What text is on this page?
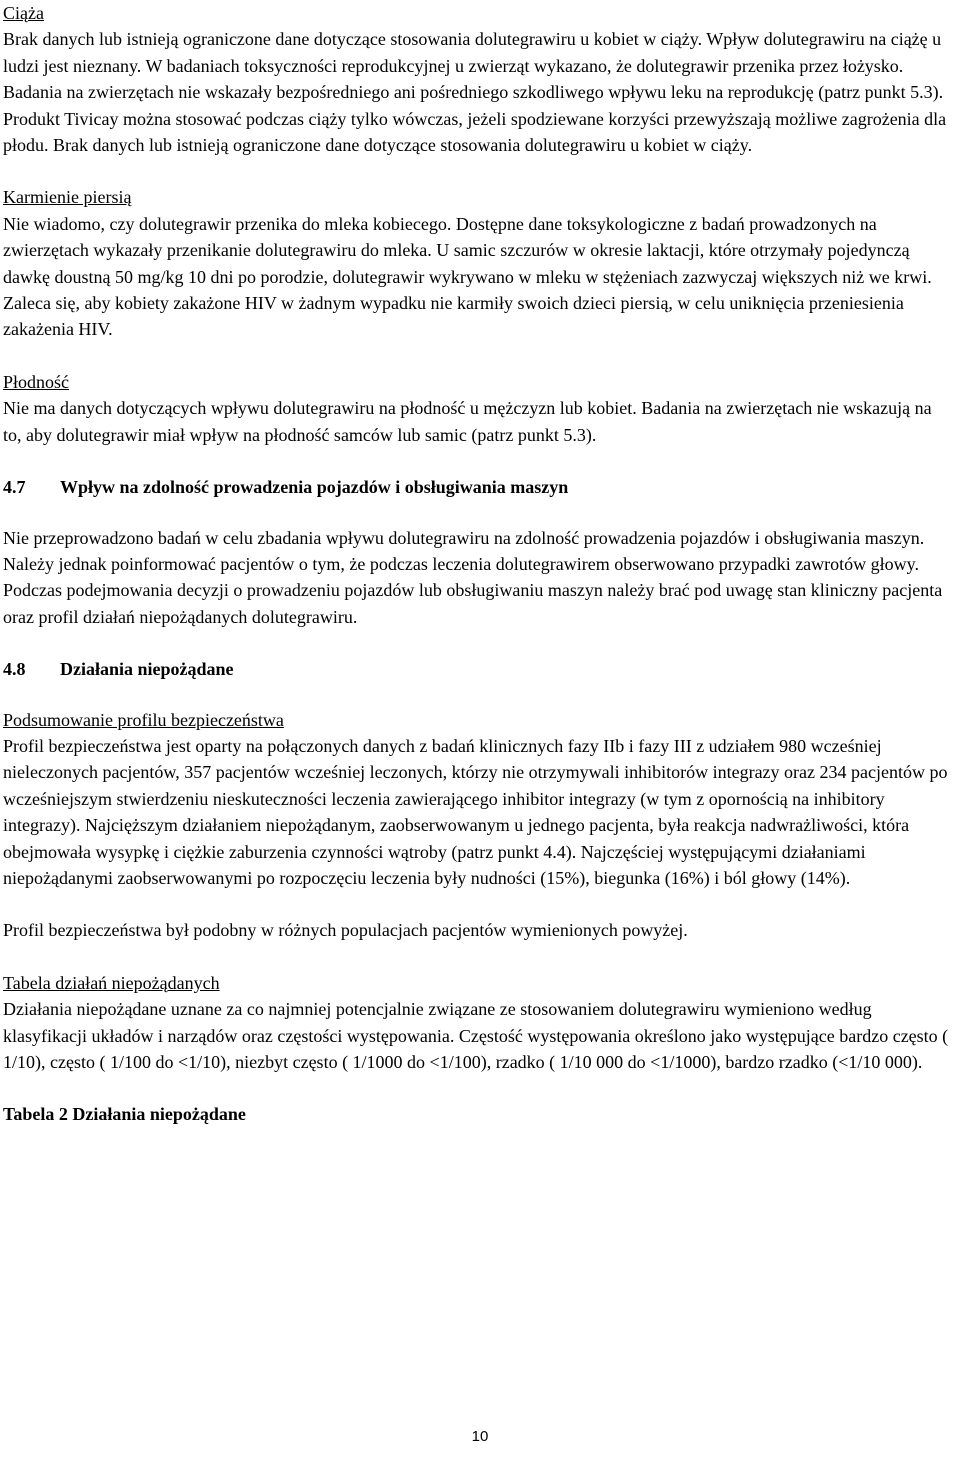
Ciąża

Brak danych lub istnieją ograniczone dane dotyczące stosowania dolutegrawiru u kobiet w ciąży. Wpływ dolutegrawiru na ciążę u ludzi jest nieznany. W badaniach toksyczności reprodukcyjnej u zwierząt wykazano, że dolutegrawir przenika przez łożysko. Badania na zwierzętach nie wskazały bezpośredniego ani pośredniego szkodliwego wpływu leku na reprodukcję (patrz punkt 5.3). Produkt Tivicay można stosować podczas ciąży tylko wówczas, jeżeli spodziewane korzyści przewyższają możliwe zagrożenia dla płodu. Brak danych lub istnieją ograniczone dane dotyczące stosowania dolutegrawiru u kobiet w ciąży.

Karmienie piersią

Nie wiadomo, czy dolutegrawir przenika do mleka kobiecego. Dostępne dane toksykologiczne z badań prowadzonych na zwierzętach wykazały przenikanie dolutegrawiru do mleka. U samic szczurów w okresie laktacji, które otrzymały pojedynczą dawkę doustną 50 mg/kg 10 dni po porodzie, dolutegrawir wykrywano w mleku w stężeniach zazwyczaj większych niż we krwi. Zaleca się, aby kobiety zakażone HIV w żadnym wypadku nie karmiły swoich dzieci piersią, w celu uniknięcia przeniesienia zakażenia HIV.

Płodność

Nie ma danych dotyczących wpływu dolutegrawiru na płodność u mężczyzn lub kobiet. Badania na zwierzętach nie wskazują na to, aby dolutegrawir miał wpływ na płodność samców lub samic (patrz punkt 5.3).

4.7	Wpływ na zdolność prowadzenia pojazdów i obsługiwania maszyn

Nie przeprowadzono badań w celu zbadania wpływu dolutegrawiru na zdolność prowadzenia pojazdów i obsługiwania maszyn. Należy jednak poinformować pacjentów o tym, że podczas leczenia dolutegrawirem obserwowano przypadki zawrotów głowy. Podczas podejmowania decyzji o prowadzeniu pojazdów lub obsługiwaniu maszyn należy brać pod uwagę stan kliniczny pacjenta oraz profil działań niepożądanych dolutegrawiru.

4.8	Działania niepożądane
Podsumowanie profilu bezpieczeństwa

Profil bezpieczeństwa jest oparty na połączonych danych z badań klinicznych fazy IIb i fazy III z udziałem 980 wcześniej nieleczonych pacjentów, 357 pacjentów wcześniej leczonych, którzy nie otrzymywali inhibitorów integrazy oraz 234 pacjentów po wcześniejszym stwierdzeniu nieskuteczności leczenia zawierającego inhibitor integrazy (w tym z opornością na inhibitory integrazy). Najcięższym działaniem niepożądanym, zaobserwowanym u jednego pacjenta, była reakcja nadwrażliwości, która obejmowała wysypkę i ciężkie zaburzenia czynności wątroby (patrz punkt 4.4). Najczęściej występującymi działaniami niepożądanymi zaobserwowanymi po rozpoczęciu leczenia były nudności (15%), biegunka (16%) i ból głowy (14%).

Profil bezpieczeństwa był podobny w różnych populacjach pacjentów wymienionych powyżej.

Tabela działań niepożądanych

Działania niepożądane uznane za co najmniej potencjalnie związane ze stosowaniem dolutegrawiru wymieniono według klasyfikacji układów i narządów oraz częstości występowania. Częstość występowania określono jako występujące bardzo często ( 1/10), często ( 1/100 do <1/10), niezbyt często ( 1/1000 do <1/100), rzadko ( 1/10 000 do <1/1000), bardzo rzadko (<1/10 000).

Tabela 2 Działania niepożądane

10
